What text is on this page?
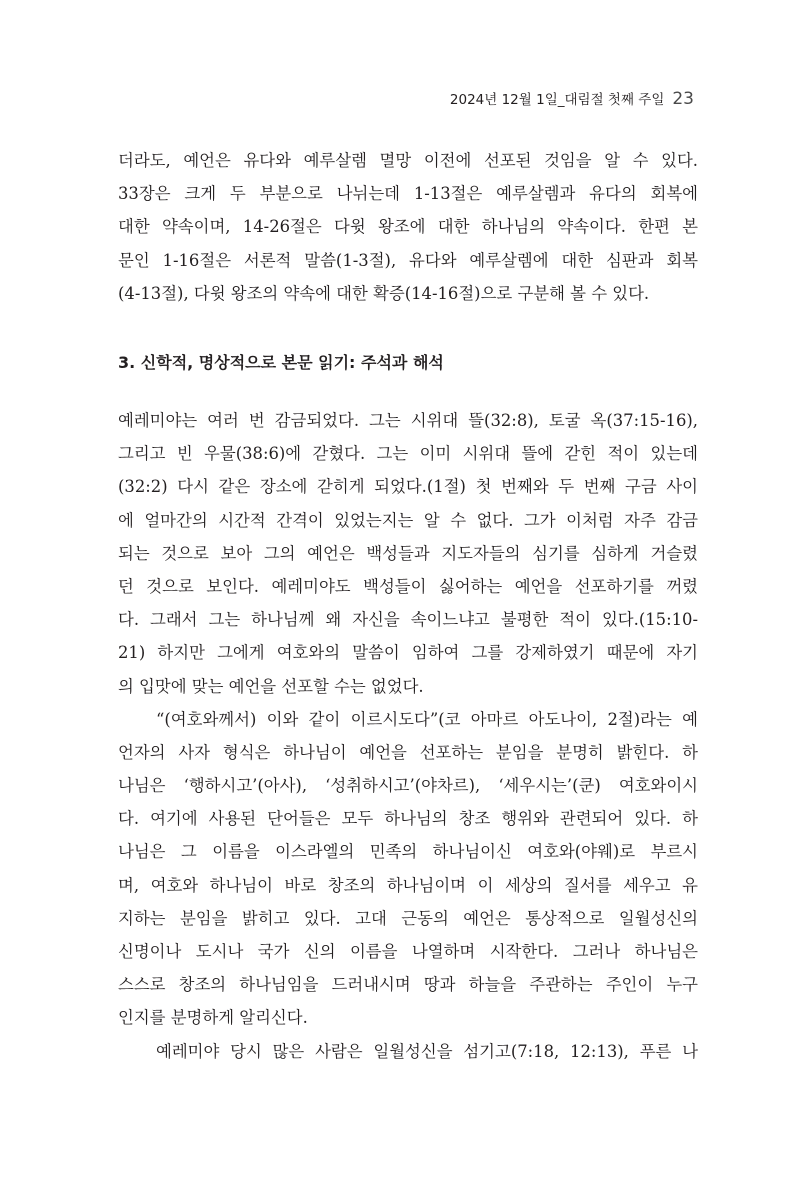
2024년 12월 1일_대림절 첫째 주일 23
더라도, 예언은 유다와 예루살렘 멸망 이전에 선포된 것임을 알 수 있다.
33장은 크게 두 부분으로 나뉘는데 1-13절은 예루살렘과 유다의 회복에
대한 약속이며, 14-26절은 다윗 왕조에 대한 하나님의 약속이다. 한편 본
문인 1-16절은 서론적 말씀(1-3절), 유다와 예루살렘에 대한 심판과 회복
(4-13절), 다윗 왕조의 약속에 대한 확증(14-16절)으로 구분해 볼 수 있다.
3. 신학적, 명상적으로 본문 읽기: 주석과 해석
예레미야는 여러 번 감금되었다. 그는 시위대 뜰(32:8), 토굴 옥(37:15-16),
그리고 빈 우물(38:6)에 갇혔다. 그는 이미 시위대 뜰에 갇힌 적이 있는데
(32:2) 다시 같은 장소에 갇히게 되었다.(1절) 첫 번째와 두 번째 구금 사이
에 얼마간의 시간적 간격이 있었는지는 알 수 없다. 그가 이처럼 자주 감금
되는 것으로 보아 그의 예언은 백성들과 지도자들의 심기를 심하게 거슬렸
던 것으로 보인다. 예레미야도 백성들이 싫어하는 예언을 선포하기를 꺼렸
다. 그래서 그는 하나님께 왜 자신을 속이느냐고 불평한 적이 있다.(15:10-
21) 하지만 그에게 여호와의 말씀이 임하여 그를 강제하였기 때문에 자기
의 입맛에 맞는 예언을 선포할 수는 없었다.
“(여호와께서) 이와 같이 이르시도다”(코 아마르 아도나이, 2절)라는 예
언자의 사자 형식은 하나님이 예언을 선포하는 분임을 분명히 밝힌다. 하
나님은 ‘행하시고’(아사), ‘성취하시고’(야차르), ‘세우시는’(쿤) 여호와이시
다. 여기에 사용된 단어들은 모두 하나님의 창조 행위와 관련되어 있다. 하
나님은 그 이름을 이스라엘의 민족의 하나님이신 여호와(야웨)로 부르시
며, 여호와 하나님이 바로 창조의 하나님이며 이 세상의 질서를 세우고 유
지하는 분임을 밝히고 있다. 고대 근동의 예언은 통상적으로 일월성신의
신명이나 도시나 국가 신의 이름을 나열하며 시작한다. 그러나 하나님은
스스로 창조의 하나님임을 드러내시며 땅과 하늘을 주관하는 주인이 누구
인지를 분명하게 알리신다.
예레미야 당시 많은 사람은 일월성신을 섬기고(7:18, 12:13), 푸른 나
